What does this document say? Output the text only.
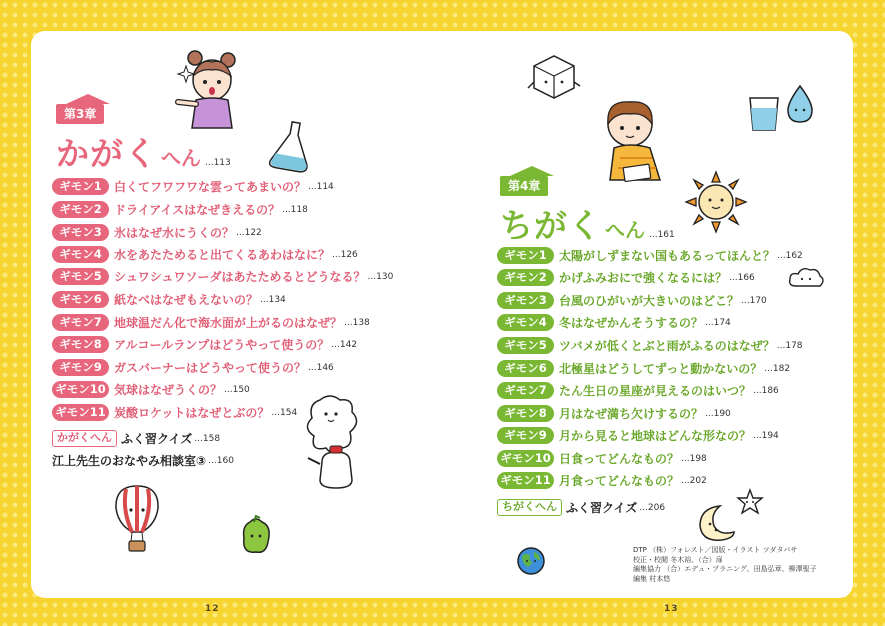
第3章
かがく へん ...113
ギモン1	白くてフワフワな雲ってあまいの？ ...114
ギモン2	ドライアイスはなぜきえるの？ ...118
ギモン3	氷はなぜ水にうくの？ ...122
ギモン4	水をあたためると出てくるあわはなに？ ...126
ギモン5	シュワシュワソーダはあたためるとどうなる？ ...130
ギモン6	紙なべはなぜもえないの？ ...134
ギモン7	地球温だん化で海水面が上がるのはなぜ？ ...138
ギモン8	アルコールランプはどうやって使うの？ ...142
ギモン9	ガスバーナーはどうやって使うの？ ...146
ギモン10 気球はなぜうくの？ ...150
ギモン11 炭酸ロケットはなぜとぶの？ ...154
かがくへん ふく習クイズ ...158
江上先生のおなやみ相談室③ ...160
12
第4章
ちがく へん ...161
ギモン1	太陽がしずまない国もあるってほんと？ ...162
ギモン2	かげふみおにで強くなるには？ ...166
ギモン3	台風のひがいが大きいのはどこ？ ...170
ギモン4	冬はなぜかんそうするの？ ...174
ギモン5	ツバメが低くとぶと雨がふるのはなぜ？ ...178
ギモン6	北極星はどうしてずっと動かないの？ ...182
ギモン7	たん生日の星座が見えるのはいつ？ ...186
ギモン8	月はなぜ満ち欠けするの？ ...190
ギモン9	月から見ると地球はどんな形なの？ ...194
ギモン10 日食ってどんなもの？ ...198
ギモン11 月食ってどんなもの？ ...202
ちがくへん ふく習クイズ ...206
DTP （株）フォレスト／図版・イラスト ツダタバサ
校正・校閲 冬木裕、（合）扉
編集協力 （合）エデュ・プラニング、田島弘章、柳澤聖子
編集 村本悠
13
